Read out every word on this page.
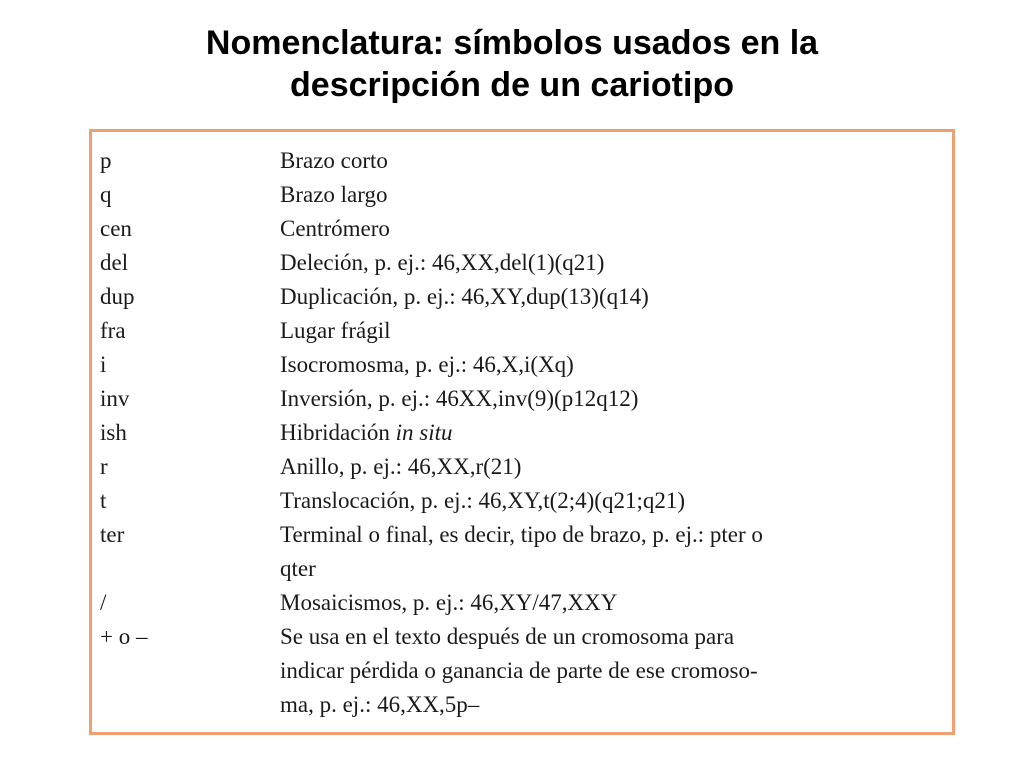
Nomenclatura: símbolos usados en la
descripción de un cariotipo
p	Brazo corto
q	Brazo largo
cen	Centrómero
del	Deleción, p. ej.: 46,XX,del(1)(q21)
dup	Duplicación, p. ej.: 46,XY,dup(13)(q14)
fra	Lugar frágil
i	Isocromosma, p. ej.: 46,X,i(Xq)
inv	Inversión, p. ej.: 46XX,inv(9)(p12q12)
ish	Hibridación in situ
r	Anillo, p. ej.: 46,XX,r(21)
t	Translocación, p. ej.: 46,XY,t(2;4)(q21;q21)
ter	Terminal o final, es decir, tipo de brazo, p. ej.: pter o
qter
/	Mosaicismos, p. ej.: 46,XY/47,XXY
+ o –	Se usa en el texto después de un cromosoma para
indicar pérdida o ganancia de parte de ese cromoso-
ma, p. ej.: 46,XX,5p–
